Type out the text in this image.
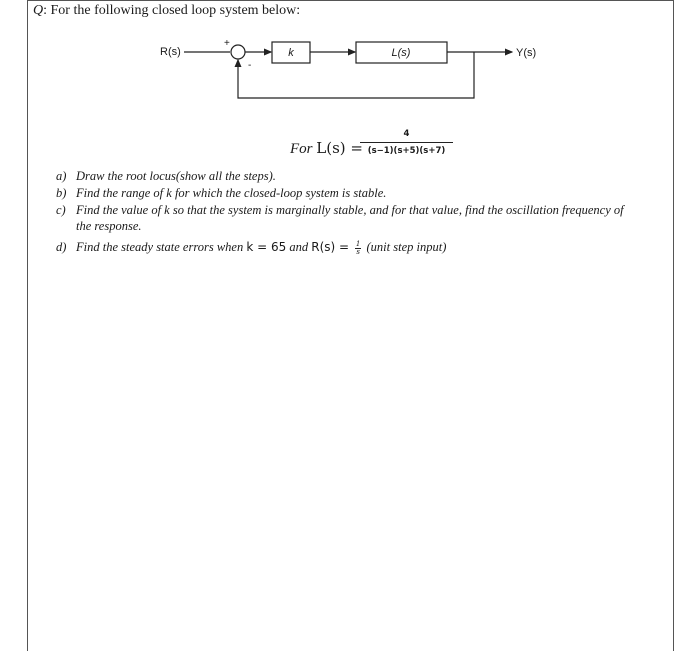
Q: For the following closed loop system below:
R(s)
+
-
k	L(s)	Y(s)
For L(s) =
4
(s−1)(s+5)(s+7)
a) Draw the root locus(show all the steps).
b) Find the range of k for which the closed-loop system is stable.
c) Find the value of k so that the system is marginally stable, and for that value, find the oscillation frequency of
the response.
d) Find the steady state errors when k = 65 and $R(s) = \frac{1}{s}$ (unit step input)
